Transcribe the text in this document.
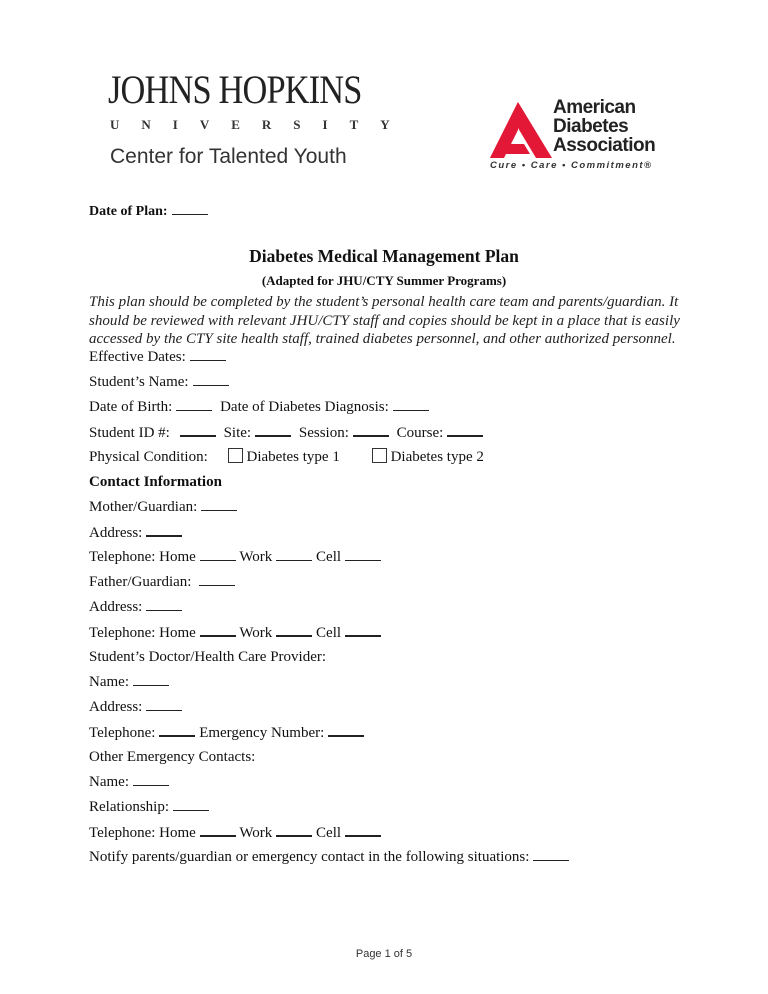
JOHNS HOPKINS
UNIVERSITY
Center for Talented Youth
American
Diabetes
Association
Cure • Care • Commitment®
Date of Plan:
Diabetes Medical Management Plan
(Adapted for JHU/CTY Summer Programs)
This plan should be completed by the student’s personal health care team and parents/guardian. It should be reviewed with relevant JHU/CTY staff and copies should be kept in a place that is easily accessed by the CTY site health staff, trained diabetes personnel, and other authorized personnel.
Effective Dates:
Student’s Name:
Date of Birth:	Date of Diabetes Diagnosis:
Student ID #:	Site:	Session:	Course:
Physical Condition:	Diabetes type 1	Diabetes type 2
Contact Information
Mother/Guardian:
Address:
Telephone: Home	Work	Cell
Father/Guardian:
Address:
Telephone: Home	Work	Cell
Student’s Doctor/Health Care Provider:
Name:
Address:
Telephone:	Emergency Number:
Other Emergency Contacts:
Name:
Relationship:
Telephone: Home	Work	Cell
Notify parents/guardian or emergency contact in the following situations:
Page 1 of 5
